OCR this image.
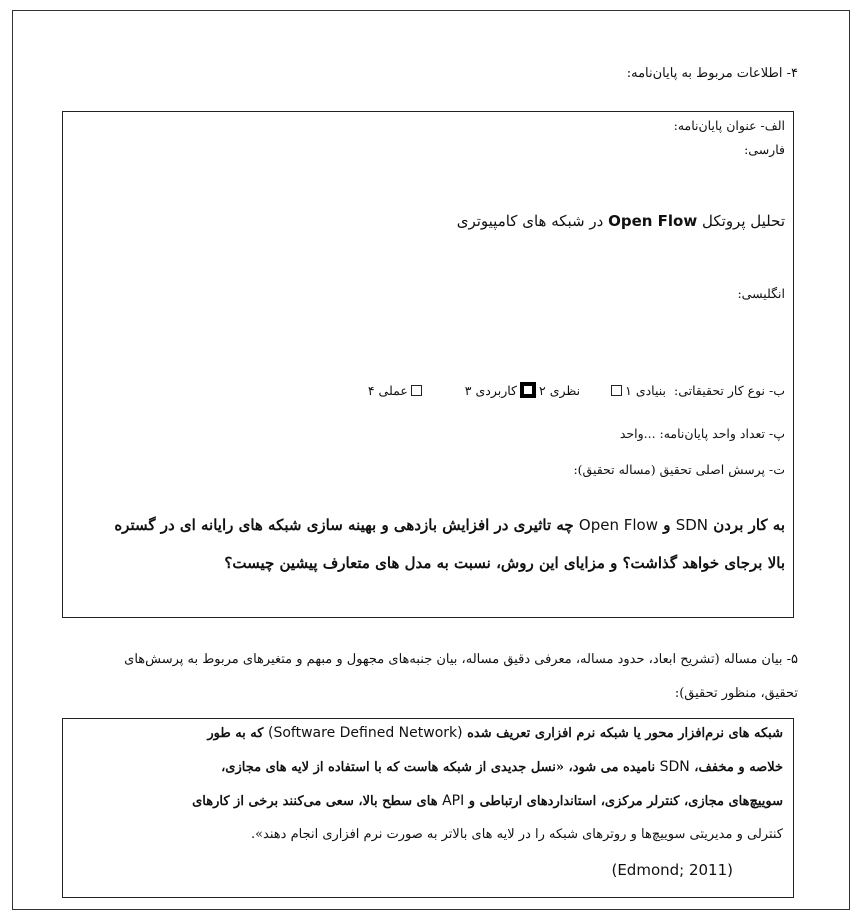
۴- اطلاعات مربوط به پایان‌نامه:
الف- عنوان پایان‌نامه:
فارسی:
تحلیل پروتکل Open Flow در شبکه های کامپیوتری
انگلیسی:
ب- نوع کار تحقیقاتی:
بنیادی ۱
نظری ۲
کاربردی ۳
عملی ۴
پ- تعداد واحد پایان‌نامه: ...واحد
ت- پرسش اصلی تحقیق (مساله تحقیق):
به کار بردن SDN و Open Flow چه تاثیری در افزایش بازدهی و بهینه سازی شبکه های رایانه ای در گستره
بالا برجای خواهد گذاشت؟ و مزایای این روش، نسبت به مدل های متعارف پیشین چیست؟
۵- بیان مساله (تشریح ابعاد، حدود مساله، معرفی دقیق مساله، بیان جنبه‌های مجهول و مبهم و متغیرهای مربوط به پرسش‌های
تحقیق، منظور تحقیق):
شبکه های نرم‌افزار محور یا شبکه نرم افزاری تعریف شده (Software Defined Network) که به طور
خلاصه و مخفف، SDN نامیده می شود، «نسل جدیدی از شبکه هاست که با استفاده از لایه های مجازی،
سوییچ‌های مجازی، کنترلر مرکزی، استانداردهای ارتباطی و API های سطح بالا، سعی می‌کنند برخی از کارهای
کنترلی و مدیریتی سوییچ‌ها و روترهای شبکه را در لایه های بالاتر به صورت نرم افزاری انجام دهند».
(Edmond; 2011)
